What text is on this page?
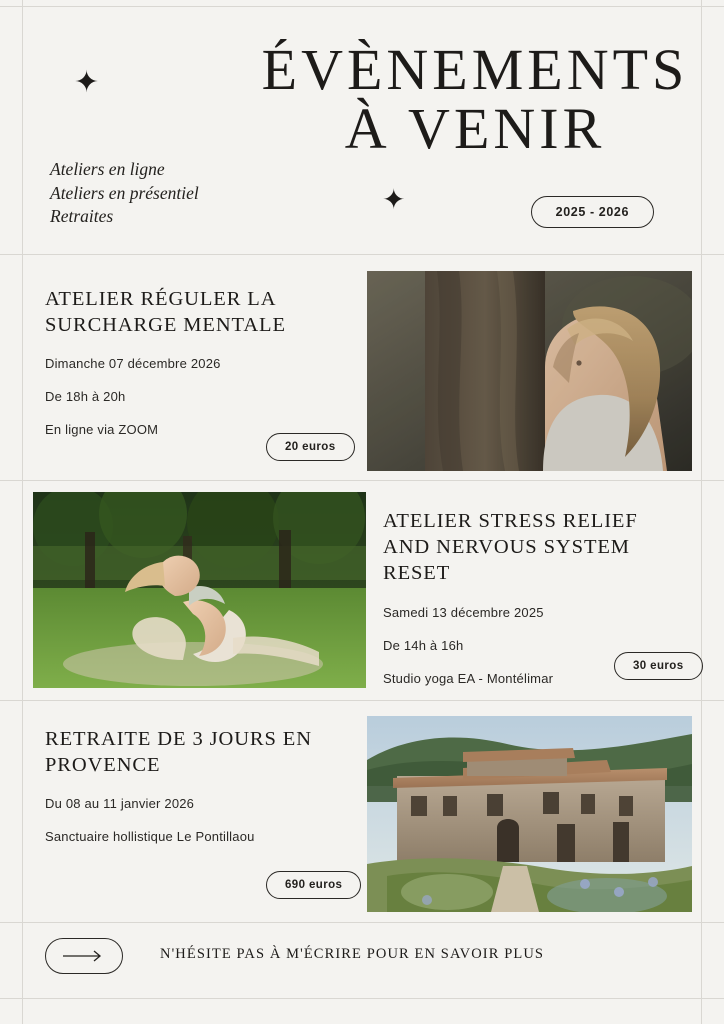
✦
✦
ÉVÈNEMENTS
À VENIR
2025 - 2026
Ateliers en ligne
Ateliers en présentiel
Retraites
ATELIER RÉGULER LA SURCHARGE MENTALE
Dimanche 07 décembre 2026
De 18h à 20h
En ligne via ZOOM
20 euros
ATELIER STRESS RELIEF AND NERVOUS SYSTEM RESET
Samedi 13 décembre 2025
De 14h à 16h
Studio yoga EA - Montélimar
30 euros
RETRAITE DE 3 JOURS EN PROVENCE
Du 08 au 11 janvier 2026
Sanctuaire hollistique Le Pontillaou
690 euros
N'HÉSITE PAS À M'ÉCRIRE POUR EN SAVOIR PLUS
